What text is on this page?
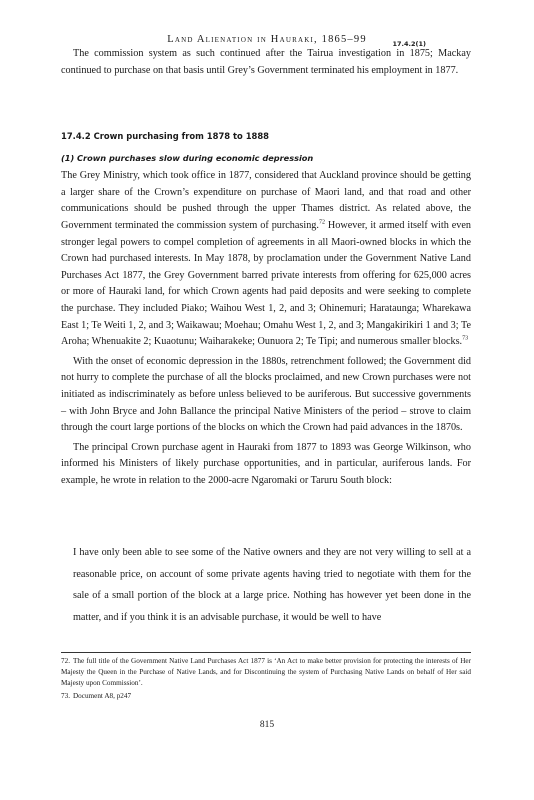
Land Alienation in Hauraki, 1865–99	17.4.2(1)

The commission system as such continued after the Tairua investigation in 1875; Mackay continued to purchase on that basis until Grey’s Government terminated his employment in 1877.

17.4.2 Crown purchasing from 1878 to 1888

(1) Crown purchases slow during economic depression

The Grey Ministry, which took office in 1877, considered that Auckland province should be getting a larger share of the Crown’s expenditure on purchase of Maori land, and that road and other communications should be pushed through the upper Thames district. As related above, the Government terminated the commission system of purchasing.$^{72}$ However, it armed itself with even stronger legal powers to compel completion of agreements in all Maori-owned blocks in which the Crown had purchased interests. In May 1878, by proclamation under the Government Native Land Purchases Act 1877, the Grey Government barred private interests from offering for 625,000 acres or more of Hauraki land, for which Crown agents had paid deposits and were seeking to complete the purchase. They included Piako; Waihou West 1, 2, and 3; Ohinemuri; Harataunga; Wharekawa East 1; Te Weiti 1, 2, and 3; Waikawau; Moehau; Omahu West 1, 2, and 3; Mangakirikiri 1 and 3; Te Aroha; Whenuakite 2; Kuaotunu; Waiharakeke; Ounuora 2; Te Tipi; and numerous smaller blocks.$^{73}$

With the onset of economic depression in the 1880s, retrenchment followed; the Government did not hurry to complete the purchase of all the blocks proclaimed, and new Crown purchases were not initiated as indiscriminately as before unless believed to be auriferous. But successive governments – with John Bryce and John Ballance the principal Native Ministers of the period – strove to claim through the court large portions of the blocks on which the Crown had paid advances in the 1870s.

The principal Crown purchase agent in Hauraki from 1877 to 1893 was George Wilkinson, who informed his Ministers of likely purchase opportunities, and in particular, auriferous lands. For example, he wrote in relation to the 2000-acre Ngaromaki or Taruru South block:

I have only been able to see some of the Native owners and they are not very willing to sell at a reasonable price, on account of some private agents having tried to negotiate with them for the sale of a small portion of the block at a large price. Nothing has however yet been done in the matter, and if you think it is an advisable purchase, it would be well to have

72. The full title of the Government Native Land Purchases Act 1877 is ‘An Act to make better provision for protecting the interests of Her Majesty the Queen in the Purchase of Native Lands, and for Discontinuing the system of Purchasing Native Lands on behalf of Her said Majesty upon Commission’.

73. Document A8, p247

815
